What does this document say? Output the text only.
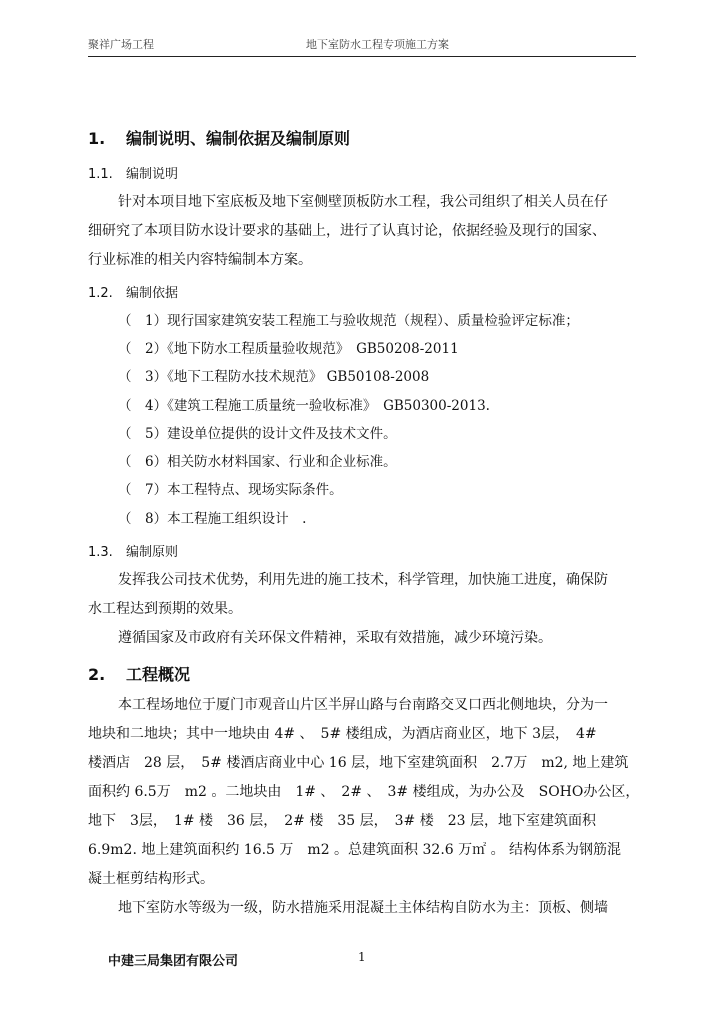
聚祥广场工程	地下室防水工程专项施工方案
1. 编制说明、编制依据及编制原则
1.1. 编制说明
针对本项目地下室底板及地下室侧壁顶板防水工程，我公司组织了相关人员在仔
细研究了本项目防水设计要求的基础上，进行了认真讨论，依据经验及现行的国家、
行业标准的相关内容特编制本方案。
1.2. 编制依据
（　1）现行国家建筑安装工程施工与验收规范（规程）、质量检验评定标准；
（　2）《地下防水工程质量验收规范》　GB50208-2011
（　3）《地下工程防水技术规范》 GB50108-2008
（　4）《建筑工程施工质量统一验收标准》　GB50300-2013.
（　5）建设单位提供的设计文件及技术文件。
（　6）相关防水材料国家、行业和企业标准。
（　7）本工程特点、现场实际条件。
（　8）本工程施工组织设计　.
1.3. 编制原则
发挥我公司技术优势，利用先进的施工技术，科学管理，加快施工进度，确保防
水工程达到预期的效果。
遵循国家及市政府有关环保文件精神，采取有效措施，减少环境污染。
2. 工程概况
本工程场地位于厦门市观音山片区半屏山路与台南路交叉口西北侧地块，分为一
地块和二地块；其中一地块由 4# 、　5# 楼组成，为酒店商业区，地下 3层，　4#
楼酒店　28 层，　5# 楼酒店商业中心 16 层，地下室建筑面积　2.7万　m2, 地上建筑
面积约 6.5万　m2 。二地块由　1# 、　2# 、　3# 楼组成，为办公及　SOHO办公区，
地下　3层，　1# 楼　36 层，　2# 楼　35 层，　3# 楼　23 层，地下室建筑面积
6.9m2. 地上建筑面积约 16.5 万　m2 。总建筑面积 32.6 万㎡ 。 结构体系为钢筋混
凝土框剪结构形式。
地下室防水等级为一级，防水措施采用混凝土主体结构自防水为主：顶板、侧墙
中建三局集团有限公司	1
